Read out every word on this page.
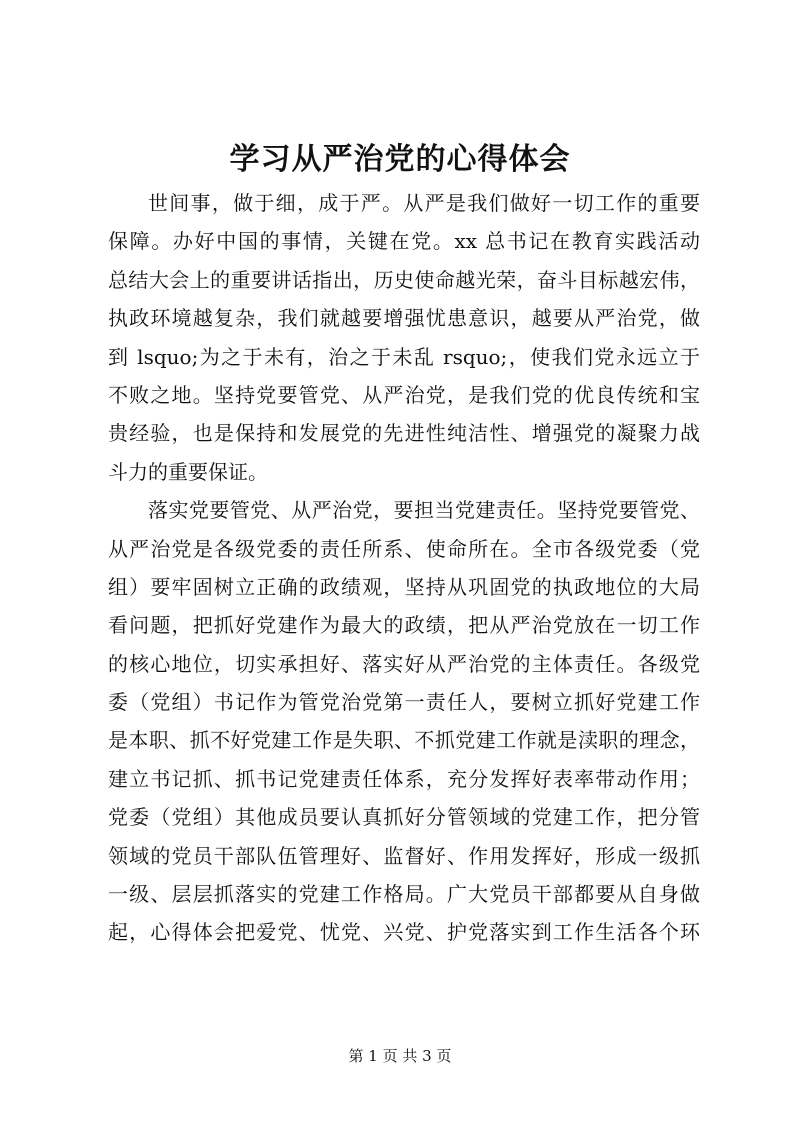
学习从严治党的心得体会
世间事，做于细，成于严。从严是我们做好一切工作的重要
保障。办好中国的事情，关键在党。xx 总书记在教育实践活动
总结大会上的重要讲话指出，历史使命越光荣，奋斗目标越宏伟，
执政环境越复杂，我们就越要增强忧患意识，越要从严治党，做
到 lsquo;为之于未有，治之于未乱 rsquo;，使我们党永远立于
不败之地。坚持党要管党、从严治党，是我们党的优良传统和宝
贵经验，也是保持和发展党的先进性纯洁性、增强党的凝聚力战
斗力的重要保证。
落实党要管党、从严治党，要担当党建责任。坚持党要管党、
从严治党是各级党委的责任所系、使命所在。全市各级党委（党
组）要牢固树立正确的政绩观，坚持从巩固党的执政地位的大局
看问题，把抓好党建作为最大的政绩，把从严治党放在一切工作
的核心地位，切实承担好、落实好从严治党的主体责任。各级党
委（党组）书记作为管党治党第一责任人，要树立抓好党建工作
是本职、抓不好党建工作是失职、不抓党建工作就是渎职的理念，
建立书记抓、抓书记党建责任体系，充分发挥好表率带动作用；
党委（党组）其他成员要认真抓好分管领域的党建工作，把分管
领域的党员干部队伍管理好、监督好、作用发挥好，形成一级抓
一级、层层抓落实的党建工作格局。广大党员干部都要从自身做
起，心得体会把爱党、忧党、兴党、护党落实到工作生活各个环
第 1 页 共 3 页
